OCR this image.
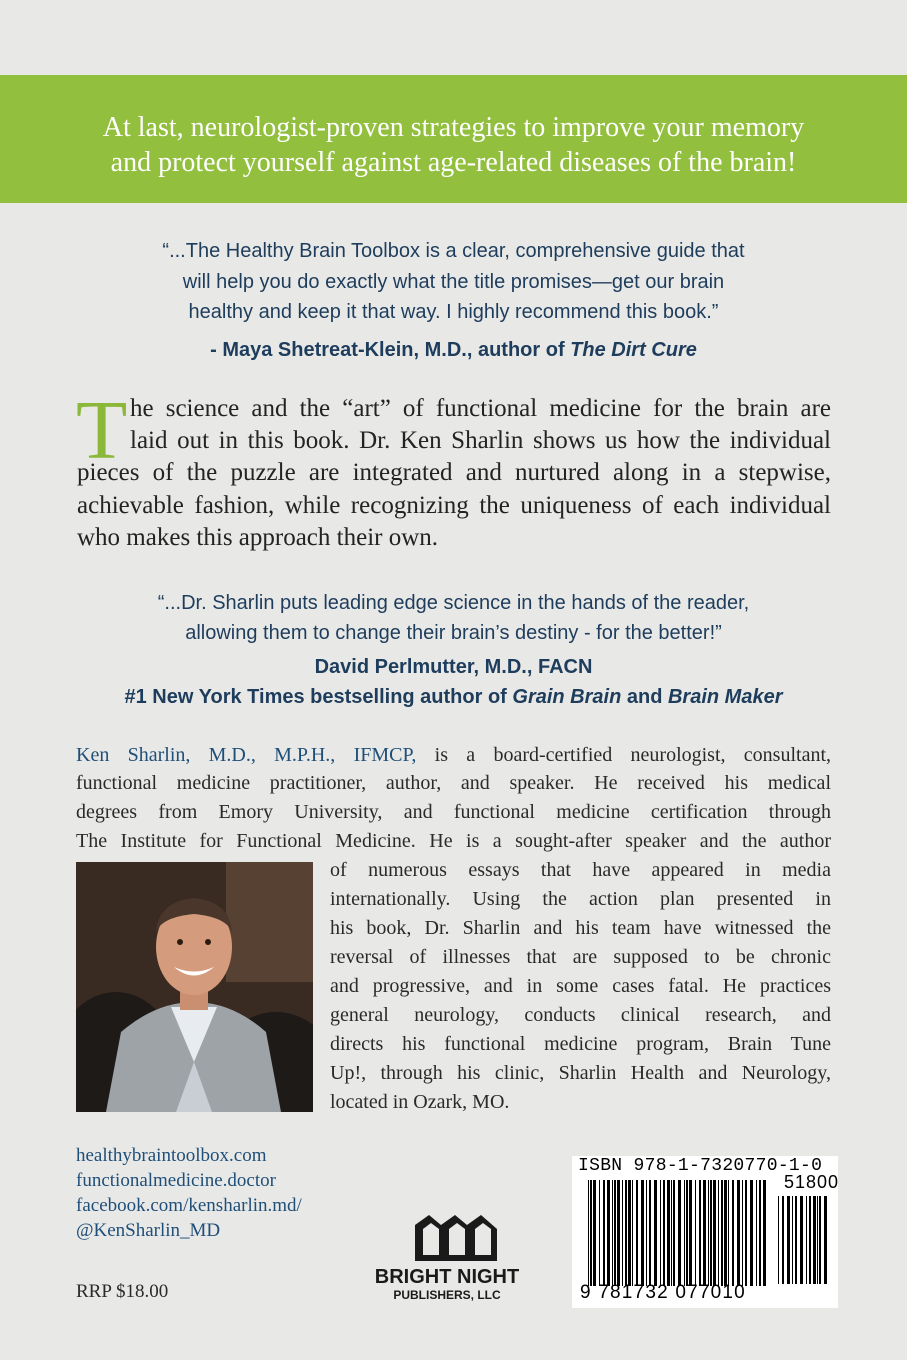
At last, neurologist-proven strategies to improve your memory
and protect yourself against age-related diseases of the brain!
“...The Healthy Brain Toolbox is a clear, comprehensive guide that
will help you do exactly what the title promises—get our brain
healthy and keep it that way. I highly recommend this book.”
- Maya Shetreat-Klein, M.D., author of The Dirt Cure
T he science and the “art” of functional medicine for the brain are
laid out in this book. Dr. Ken Sharlin shows us how the individual
pieces of the puzzle are integrated and nurtured along in a stepwise,
achievable fashion, while recognizing the uniqueness of each individual
who makes this approach their own.
“...Dr. Sharlin puts leading edge science in the hands of the reader,
allowing them to change their brain’s destiny - for the better!”
David Perlmutter, M.D., FACN
#1 New York Times bestselling author of Grain Brain and Brain Maker
Ken Sharlin, M.D., M.P.H., IFMCP, is a board-certified neurologist, consultant,
functional medicine practitioner, author, and speaker. He received his medical
degrees from Emory University, and functional medicine certification through
The Institute for Functional Medicine. He is a sought-after speaker and the author
of numerous essays that have appeared in media
internationally. Using the action plan presented in
his book, Dr. Sharlin and his team have witnessed the
reversal of illnesses that are supposed to be chronic
and progressive, and in some cases fatal. He practices
general neurology, conducts clinical research, and
directs his functional medicine program, Brain Tune
Up!, through his clinic, Sharlin Health and Neurology,
located in Ozark, MO.
healthybraintoolbox.com
functionalmedicine.doctor
facebook.com/kensharlin.md/
@KenSharlin_MD
RRP $18.00
BRIGHT NIGHT
PUBLISHERS, LLC
ISBN 978-1-7320770-1-0
51800
9 781732 077010
